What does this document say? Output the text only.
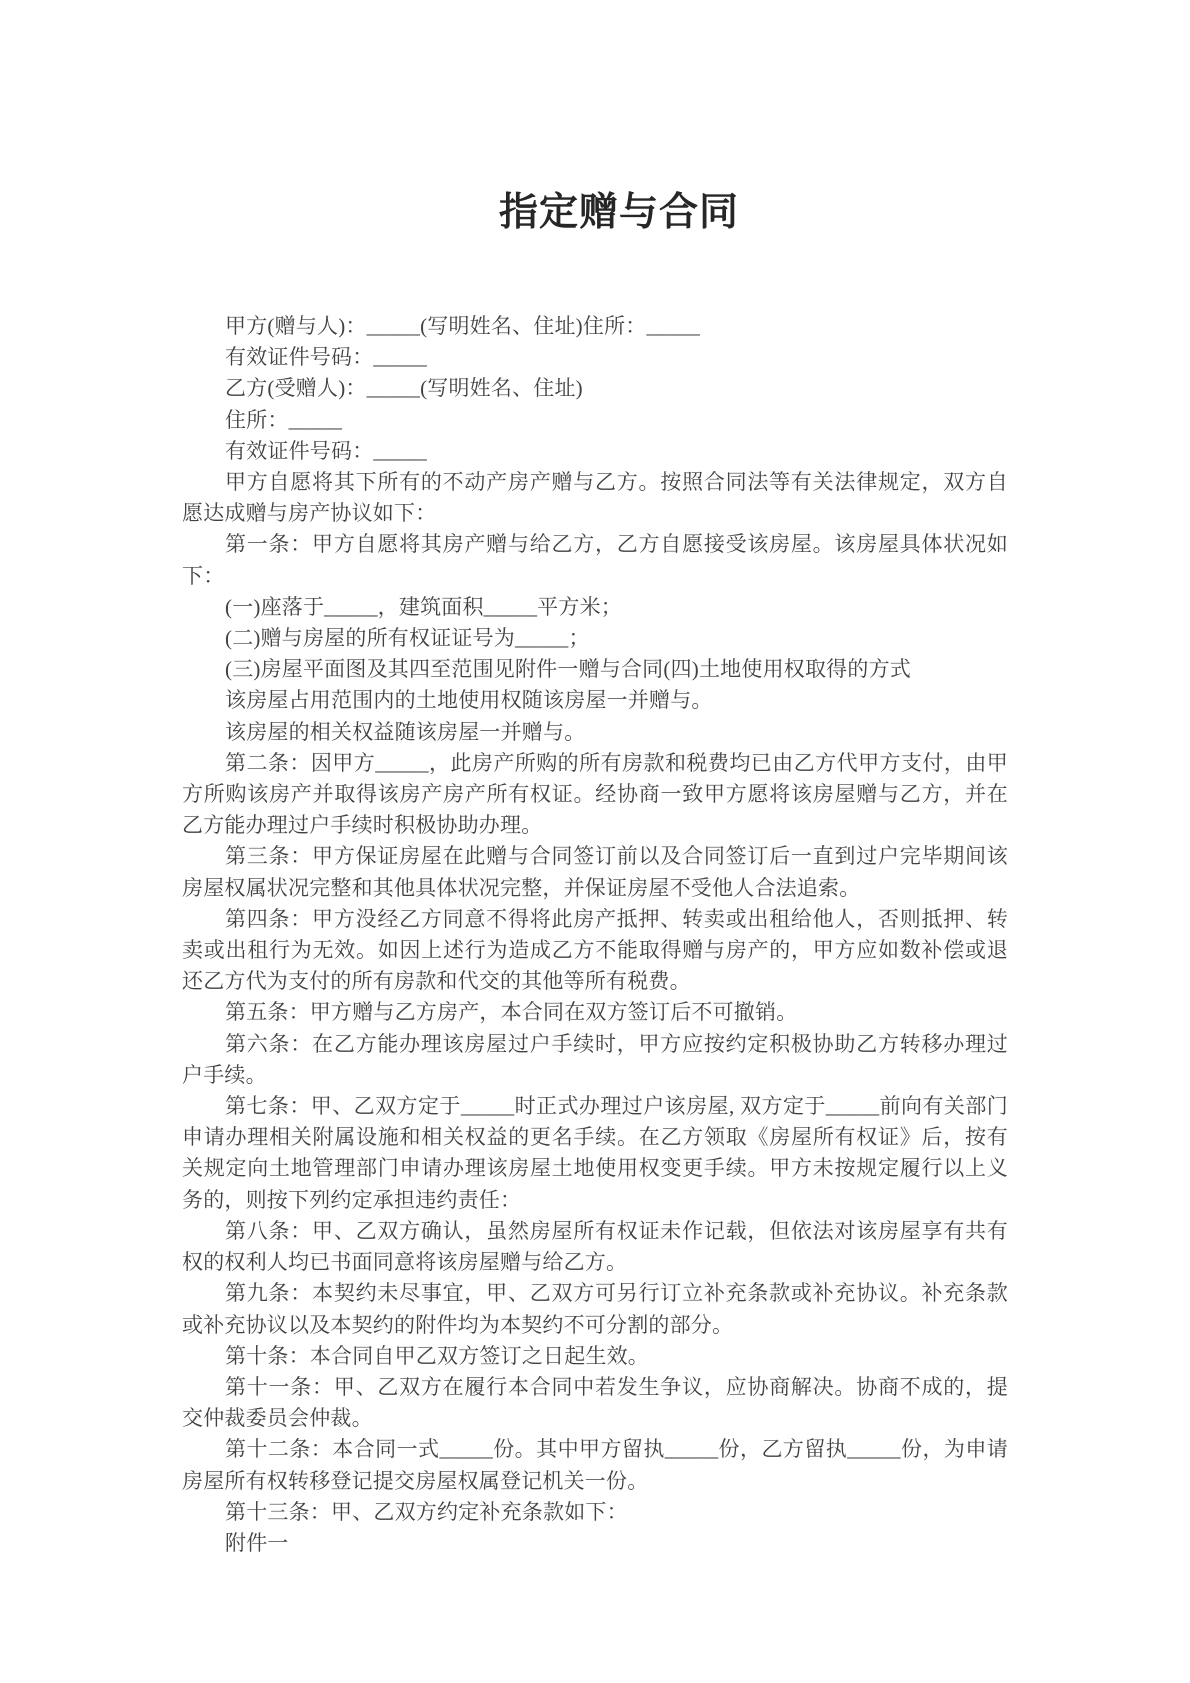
指定赠与合同

甲方(赠与人)：_____(写明姓名、住址)住所：_____

有效证件号码：_____

乙方(受赠人)：_____(写明姓名、住址)

住所：_____

有效证件号码：_____

甲方自愿将其下所有的不动产房产赠与乙方。按照合同法等有关法律规定，双方自愿达成赠与房产协议如下：

第一条：甲方自愿将其房产赠与给乙方，乙方自愿接受该房屋。该房屋具体状况如下：

(一)座落于_____，建筑面积_____平方米；

(二)赠与房屋的所有权证证号为_____；

(三)房屋平面图及其四至范围见附件一赠与合同(四)土地使用权取得的方式

该房屋占用范围内的土地使用权随该房屋一并赠与。

该房屋的相关权益随该房屋一并赠与。

第二条：因甲方_____，此房产所购的所有房款和税费均已由乙方代甲方支付，由甲方所购该房产并取得该房产房产所有权证。经协商一致甲方愿将该房屋赠与乙方，并在乙方能办理过户手续时积极协助办理。

第三条：甲方保证房屋在此赠与合同签订前以及合同签订后一直到过户完毕期间该房屋权属状况完整和其他具体状况完整，并保证房屋不受他人合法追索。

第四条：甲方没经乙方同意不得将此房产抵押、转卖或出租给他人，否则抵押、转卖或出租行为无效。如因上述行为造成乙方不能取得赠与房产的，甲方应如数补偿或退还乙方代为支付的所有房款和代交的其他等所有税费。

第五条：甲方赠与乙方房产，本合同在双方签订后不可撤销。

第六条：在乙方能办理该房屋过户手续时，甲方应按约定积极协助乙方转移办理过户手续。

第七条：甲、乙双方定于_____时正式办理过户该房屋, 双方定于_____前向有关部门申请办理相关附属设施和相关权益的更名手续。在乙方领取《房屋所有权证》后，按有关规定向土地管理部门申请办理该房屋土地使用权变更手续。甲方未按规定履行以上义务的，则按下列约定承担违约责任：

第八条：甲、乙双方确认，虽然房屋所有权证未作记载，但依法对该房屋享有共有权的权利人均已书面同意将该房屋赠与给乙方。

第九条：本契约未尽事宜，甲、乙双方可另行订立补充条款或补充协议。补充条款或补充协议以及本契约的附件均为本契约不可分割的部分。

第十条：本合同自甲乙双方签订之日起生效。

第十一条：甲、乙双方在履行本合同中若发生争议，应协商解决。协商不成的，提交仲裁委员会仲裁。

第十二条：本合同一式_____份。其中甲方留执_____份，乙方留执_____份，为申请房屋所有权转移登记提交房屋权属登记机关一份。

第十三条：甲、乙双方约定补充条款如下：

附件一
